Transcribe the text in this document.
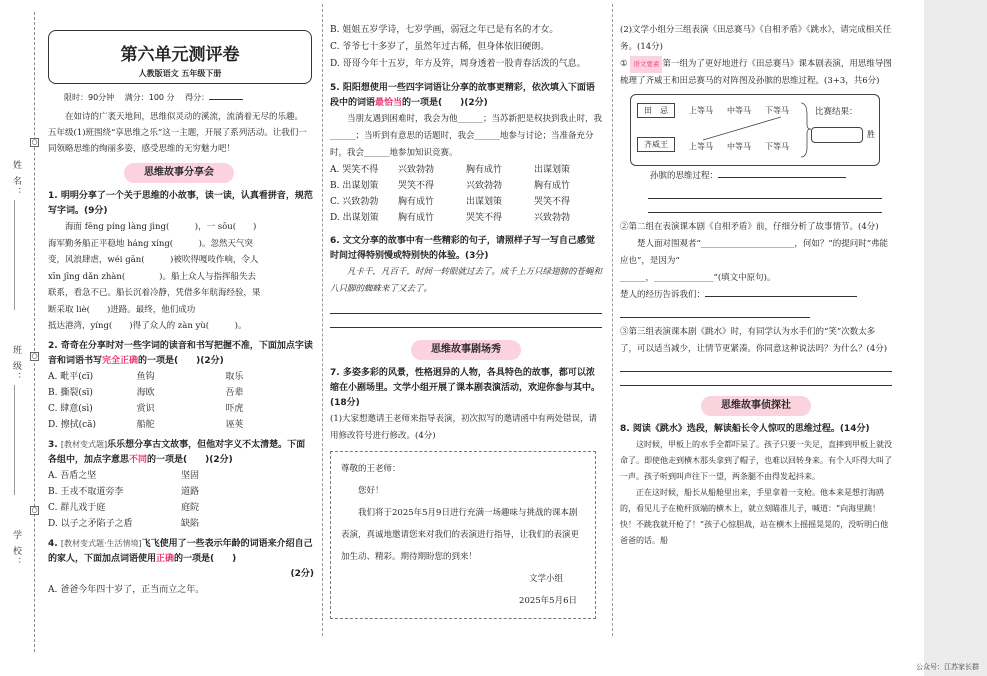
姓 名：
班 级：
学 校：
○
○
○
第六单元测评卷
人教版语文 五年级下册
限时：90分钟　 满分：100 分　 得分：
在如诗的广袤天地间，思维似灵动的溪流，流淌着无尽的乐趣。五年级(1)班围绕“享思维之乐”这一主题，开展了系列活动。让我们一同领略思维的绚丽多姿，感受思维的无穷魅力吧！
思维故事分享会
1. 明明分享了一个关于思维的小故事，读一读，认真看拼音，规范写字词。(9分)
海面 fēng píng làng jìng(　　　)，一 sōu(　　)
海军勤务船正平稳地 háng xíng(　　　)。忽然天气突
变，风浪肆虐，wéi gān(　　　)被吹得嘎吱作响，令人
xīn jīng dǎn zhàn(　　　　)。船上众人与指挥船失去
联系，看急不已。船长沉着冷静，凭借多年航海经验，果
断采取 liè(　　)进路。最终，他们成功
抵达港湾，yíng(　　)得了众人的 zàn yù(　　　)。
2. 奇奇在分享时对一些字词的读音和书写把握不准，下面加点字读音和词语书写完全正确的一项是(　　)(2分)
A. 毗平(cī)	鱼钩	取乐
B. 撕裂(sī)	海欧	吾辈
C. 肆意(sì)	赏识	吓虎
D. 擦拭(cā)	船舵	诬荚
3. [教材变式题]乐乐想分享古文故事，但他对字义不太清楚。下面各组中，加点字意思不同的一项是(　　)(2分)
A. 吾盾之坚	坚固
B. 王戎不取道旁李	道路
C. 群儿戏于庭	庭院
D. 以子之矛陷子之盾	缺陷
4. [教材变式题·生活情境]飞飞使用了一些表示年龄的词语来介绍自己的家人，下面加点词语使用正确的一项是(　　)
(2分)
A. 爸爸今年四十岁了，正当而立之年。
B. 姐姐五岁学诗，七岁学画，弱冠之年已是有名的才女。
C. 爷爷七十多岁了，虽然年过古稀，但身体依旧硬朗。
D. 哥哥今年十五岁，年方及笄，周身透着一股青春活泼的气息。
5. 阳阳想使用一些四字词语让分享的故事更精彩，依次填入下面语段中的词语最恰当的一项是(　　)(2分)
当朋友遇到困难时，我会为他______；当苏新把是权抉到我止时，我______；当听到有意思的话题时，我会______地参与讨论；当准备充分时，我会______地参加知识竞赛。
A. 哭笑不得	兴致勃勃	胸有成竹	出谋划策
B. 出谋划策	哭笑不得	兴致勃勃	胸有成竹
C. 兴致勃勃	胸有成竹	出谋划策	哭笑不得
D. 出谋划策	胸有成竹	哭笑不得	兴致勃勃
6. 文文分享的故事中有一些精彩的句子，请照样子写一写自己感觉时间过得特别慢或特别快的体验。(3分)
凡卡千，凡百千，时间一转眼就过去了。成千上万只绿翅膀的苍蝇和八只脚的蜘蛛来了又去了。
思维故事剧场秀
7. 多姿多彩的风景，性格迥异的人物，各具特色的故事，都可以浓缩在小剧场里。文学小组开展了课本剧表演活动，欢迎你参与其中。(18分)
(1)大家想邀请王老师来指导表演，初次拟写的邀请函中有两处错误，请用修改符号进行修改。(4分)

尊敬的王老师：

您好！

我们将于2025年5月9日进行充满一场趣味与挑战的课本剧表演，真诚地邀请您来对我们的表演进行指导，让我们的表演更加生动、精彩。期待期盼您的到来！

文学小组

2025年5月6日

(2)文学小组分三组表演《田忌赛马》《自相矛盾》《跳水》，请完成相关任务。(14分)
① 语文要素 第一组为了更好地进行《田忌赛马》课本剧表演，用思维导图梳理了齐威王和田忌赛马的对阵图及孙膑的思维过程。(3+3，共6分)
田　忌	上等马 中等马 下等马
齐威王	上等马 中等马 下等马
比赛结果：
胜
孙膑的思维过程：
②第二组在表演课本剧《自相矛盾》前，仔细分析了故事情节。(4分)
楚人面对围观者“______________________，何如？”的提问时“弗能应也”，是因为“
______，______________”(填文中原句)。
楚人的经历告诉我们：
③第三组表演课本剧《跳水》时，有同学认为水手们的“笑”次数太多了，可以适当减少，让情节更紧凑。你同意这种说法吗？为什么？(4分)
思维故事侦探社
8. 阅读《跳水》选段，解读船长令人惊叹的思维过程。(14分)
这时候，甲板上的水手全都吓呆了。孩子只要一失足，直摔到甲板上就没命了。即使他走到横木那头拿到了帽子，也难以回转身来。有个人吓得大叫了一声。孩子听到叫声往下一望，两条腿不由得发起抖来。
正在这时候，船长从船舱里出来，手里拿着一支枪。他本来是想打海鸥的，看见儿子在桅杆顶端的横木上，就立刻瞄准儿子，喊道：“向海里跳！快！不跳我就开枪了！”孩子心惊胆战，站在横木上摇摇晃晃的，没听明白他爸爸的话。船
公众号：江苏家长群
